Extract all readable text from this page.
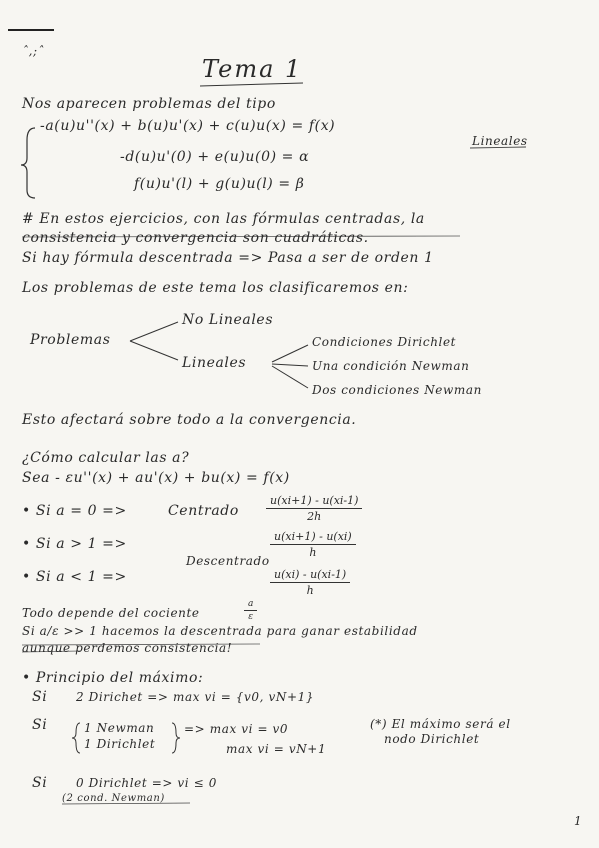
ˆ,;ˆ
Tema 1
Nos aparecen problemas del tipo
-a(u)u''(x) + b(u)u'(x) + c(u)u(x) = f(x)
-d(u)u'(0) + e(u)u(0) = α
f(u)u'(l) + g(u)u(l) = β
Lineales
# En estos ejercicios, con las fórmulas centradas, la
consistencia y convergencia son cuadráticas.
Si hay fórmula descentrada => Pasa a ser de orden 1
Los problemas de este tema los clasificaremos en:
Problemas
No Lineales
Lineales
Condiciones Dirichlet
Una condición Newman
Dos condiciones Newman
Esto afectará sobre todo a la convergencia.
¿Cómo calcular las a?
Sea - εu''(x) + au'(x) + bu(x) = f(x)
• Si a = 0 =>	Centrado $\frac{u(xi+1) - u(xi-1)}{2h}$
• Si a > 1 =>	$\frac{u(xi+1) - u(xi)}{h}$
Descentrado
• Si a < 1 =>	$\frac{u(xi) - u(xi-1)}{h}$
Todo depende del cociente	$\frac{a}{\varepsilon}$
Si a/ε >> 1 hacemos la descentrada para ganar estabilidad
aunque perdemos consistencia!
• Principio del máximo:
Si 2 Dirichet => max vi = {v0, vN+1}
Si	1 Newman
1 Dirichlet
=> max vi = v0
max vi = vN+1
(*) El máximo será el
nodo Dirichlet
Si 0 Dirichlet => vi ≤ 0
(2 cond. Newman)
1
